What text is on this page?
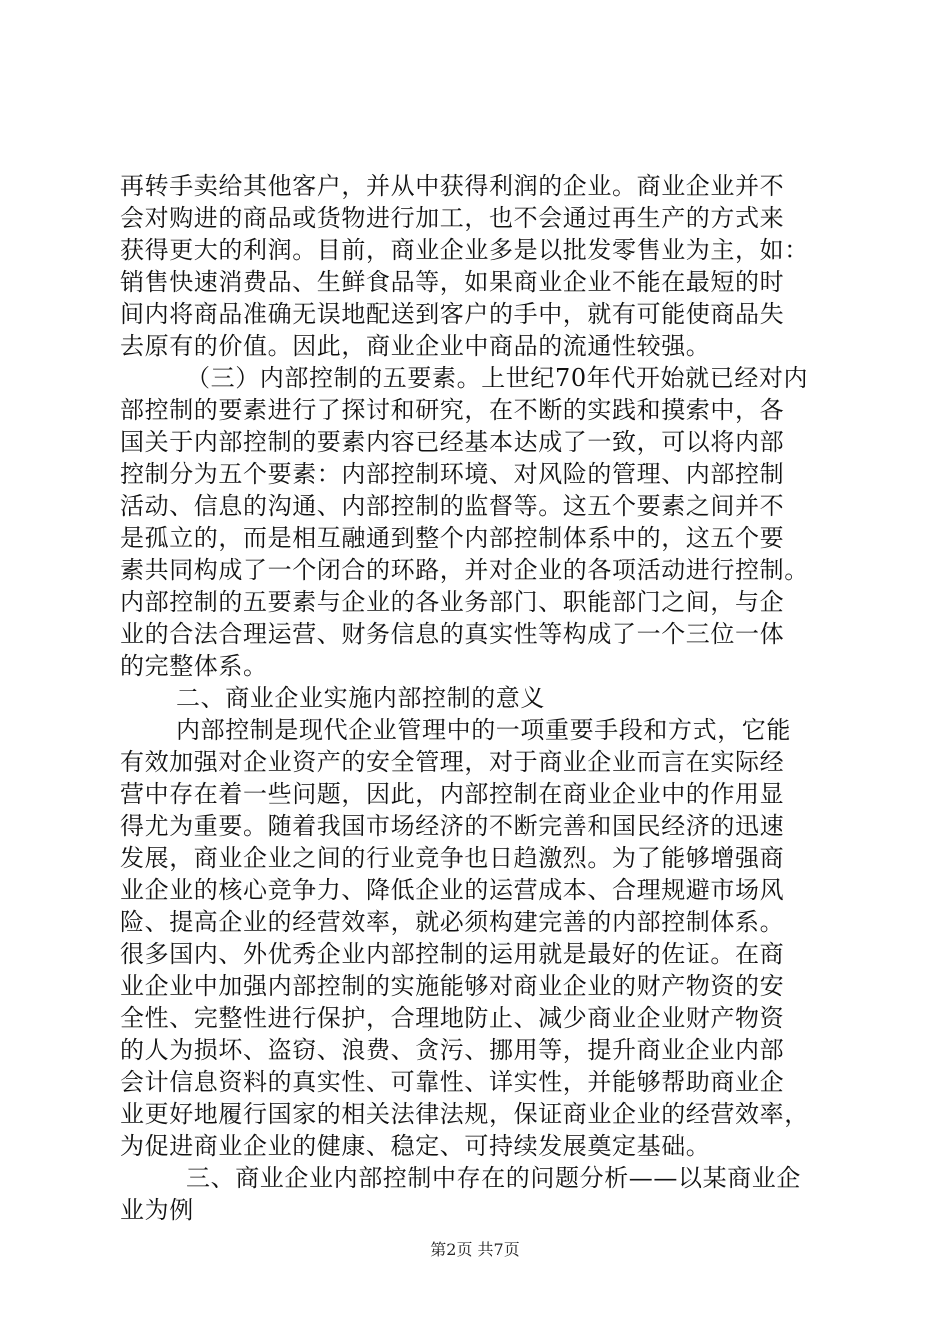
再转手卖给其他客户，并从中获得利润的企业。商业企业并不
会对购进的商品或货物进行加工，也不会通过再生产的方式来
获得更大的利润。目前，商业企业多是以批发零售业为主，如：
销售快速消费品、生鲜食品等，如果商业企业不能在最短的时
间内将商品准确无误地配送到客户的手中，就有可能使商品失
去原有的价值。因此，商业企业中商品的流通性较强。
（三）内部控制的五要素。上世纪70年代开始就已经对内
部控制的要素进行了探讨和研究，在不断的实践和摸索中，各
国关于内部控制的要素内容已经基本达成了一致，可以将内部
控制分为五个要素：内部控制环境、对风险的管理、内部控制
活动、信息的沟通、内部控制的监督等。这五个要素之间并不
是孤立的，而是相互融通到整个内部控制体系中的，这五个要
素共同构成了一个闭合的环路，并对企业的各项活动进行控制。
内部控制的五要素与企业的各业务部门、职能部门之间，与企
业的合法合理运营、财务信息的真实性等构成了一个三位一体
的完整体系。
二、商业企业实施内部控制的意义
内部控制是现代企业管理中的一项重要手段和方式，它能
有效加强对企业资产的安全管理，对于商业企业而言在实际经
营中存在着一些问题，因此，内部控制在商业企业中的作用显
得尤为重要。随着我国市场经济的不断完善和国民经济的迅速
发展，商业企业之间的行业竞争也日趋激烈。为了能够增强商
业企业的核心竞争力、降低企业的运营成本、合理规避市场风
险、提高企业的经营效率，就必须构建完善的内部控制体系。
很多国内、外优秀企业内部控制的运用就是最好的佐证。在商
业企业中加强内部控制的实施能够对商业企业的财产物资的安
全性、完整性进行保护，合理地防止、减少商业企业财产物资
的人为损坏、盗窃、浪费、贪污、挪用等，提升商业企业内部
会计信息资料的真实性、可靠性、详实性，并能够帮助商业企
业更好地履行国家的相关法律法规，保证商业企业的经营效率，
为促进商业企业的健康、稳定、可持续发展奠定基础。
三、商业企业内部控制中存在的问题分析——以某商业企
业为例
第2页 共7页
